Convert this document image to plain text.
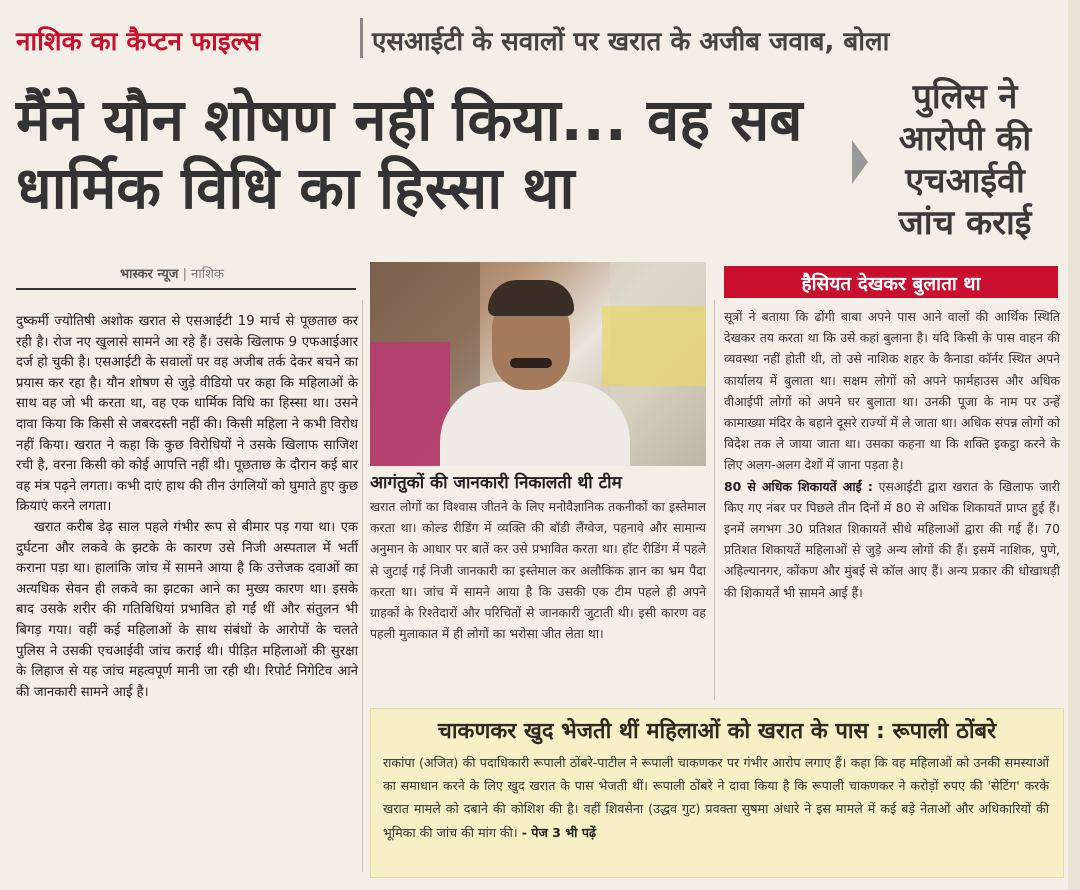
नाशिक का कैप्टन फाइल्स	एसआईटी के सवालों पर खरात के अजीब जवाब, बोला
मैंने यौन शोषण नहीं किया... वह सब धार्मिक विधि का हिस्सा था
पुलिस ने आरोपी की एचआईवी जांच कराई
भास्कर न्यूज | नाशिक

दुष्कर्मी ज्योतिषी अशोक खरात से एसआईटी 19 मार्च से पूछताछ कर रही है। रोज नए खुलासे सामने आ रहे हैं। उसके खिलाफ 9 एफआईआर दर्ज हो चुकी है। एसआईटी के सवालों पर वह अजीब तर्क देकर बचने का प्रयास कर रहा है। यौन शोषण से जुड़े वीडियो पर कहा कि महिलाओं के साथ वह जो भी करता था, वह एक धार्मिक विधि का हिस्सा था। उसने दावा किया कि किसी से जबरदस्ती नहीं की। किसी महिला ने कभी विरोध नहीं किया। खरात ने कहा कि कुछ विरोधियों ने उसके खिलाफ साजिश रची है, वरना किसी को कोई आपत्ति नहीं थी। पूछताछ के दौरान कई बार वह मंत्र पढ़ने लगता। कभी दाएं हाथ की तीन उंगलियों को घुमाते हुए कुछ क्रियाएं करने लगता।

खरात करीब डेढ़ साल पहले गंभीर रूप से बीमार पड़ गया था। एक दुर्घटना और लकवे के झटके के कारण उसे निजी अस्पताल में भर्ती कराना पड़ा था। हालांकि जांच में सामने आया है कि उत्तेजक दवाओं का अत्यधिक सेवन ही लकवे का झटका आने का मुख्य कारण था। इसके बाद उसके शरीर की गतिविधियां प्रभावित हो गईं थीं और संतुलन भी बिगड़ गया। वहीं कई महिलाओं के साथ संबंधों के आरोपों के चलते पुलिस ने उसकी एचआईवी जांच कराई थी। पीड़ित महिलाओं की सुरक्षा के लिहाज से यह जांच महत्वपूर्ण मानी जा रही थी। रिपोर्ट निगेटिव आने की जानकारी सामने आई है।

आगंतुकों की जानकारी निकालती थी टीम

खरात लोगों का विश्वास जीतने के लिए मनोवैज्ञानिक तकनीकों का इस्तेमाल करता था। कोल्ड रीडिंग में व्यक्ति की बॉडी लैंग्वेज, पहनावे और सामान्य अनुमान के आधार पर बातें कर उसे प्रभावित करता था। हॉट रीडिंग में पहले से जुटाई गई निजी जानकारी का इस्तेमाल कर अलौकिक ज्ञान का भ्रम पैदा करता था। जांच में सामने आया है कि उसकी एक टीम पहले ही अपने ग्राहकों के रिश्तेदारों और परिचितों से जानकारी जुटाती थी। इसी कारण वह पहली मुलाकात में ही लोगों का भरोसा जीत लेता था।

हैसियत देखकर बुलाता था

सूत्रों ने बताया कि ढोंगी बाबा अपने पास आने वालों की आर्थिक स्थिति देखकर तय करता था कि उसे कहां बुलाना है। यदि किसी के पास वाहन की व्यवस्था नहीं होती थी, तो उसे नाशिक शहर के कैनाडा कॉर्नर स्थित अपने कार्यालय में बुलाता था। सक्षम लोगों को अपने फार्महाउस और अधिक वीआईपी लोगों को अपने घर बुलाता था। उनकी पूजा के नाम पर उन्हें कामाख्या मंदिर के बहाने दूसरे राज्यों में ले जाता था। अधिक संपन्न लोगों को विदेश तक ले जाया जाता था। उसका कहना था कि शक्ति इकट्ठा करने के लिए अलग-अलग देशों में जाना पड़ता है।

80 से अधिक शिकायतें आईं : एसआईटी द्वारा खरात के खिलाफ जारी किए गए नंबर पर पिछले तीन दिनों में 80 से अधिक शिकायतें प्राप्त हुई हैं। इनमें लगभग 30 प्रतिशत शिकायतें सीधे महिलाओं द्वारा की गई हैं। 70 प्रतिशत शिकायतें महिलाओं से जुड़े अन्य लोगों की हैं। इसमें नाशिक, पुणे, अहिल्यानगर, कोंकण और मुंबई से कॉल आए हैं। अन्य प्रकार की धोखाधड़ी की शिकायतें भी सामने आई हैं।

चाकणकर खुद भेजती थीं महिलाओं को खरात के पास : रूपाली ठोंबरे
राकांपा (अजित) की पदाधिकारी रूपाली ठोंबरे-पाटील ने रूपाली चाकणकर पर गंभीर आरोप लगाए हैं। कहा कि वह महिलाओं को उनकी समस्याओं का समाधान करने के लिए खुद खरात के पास भेजती थीं। रूपाली ठोंबरे ने दावा किया है कि रूपाली चाकणकर ने करोड़ों रुपए की 'सेटिंग' करके खरात मामले को दबाने की कोशिश की है। वहीं शिवसेना (उद्धव गुट) प्रवक्ता सुषमा अंधारे ने इस मामले में कई बड़े नेताओं और अधिकारियों की भूमिका की जांच की मांग की। - पेज 3 भी पढ़ें
